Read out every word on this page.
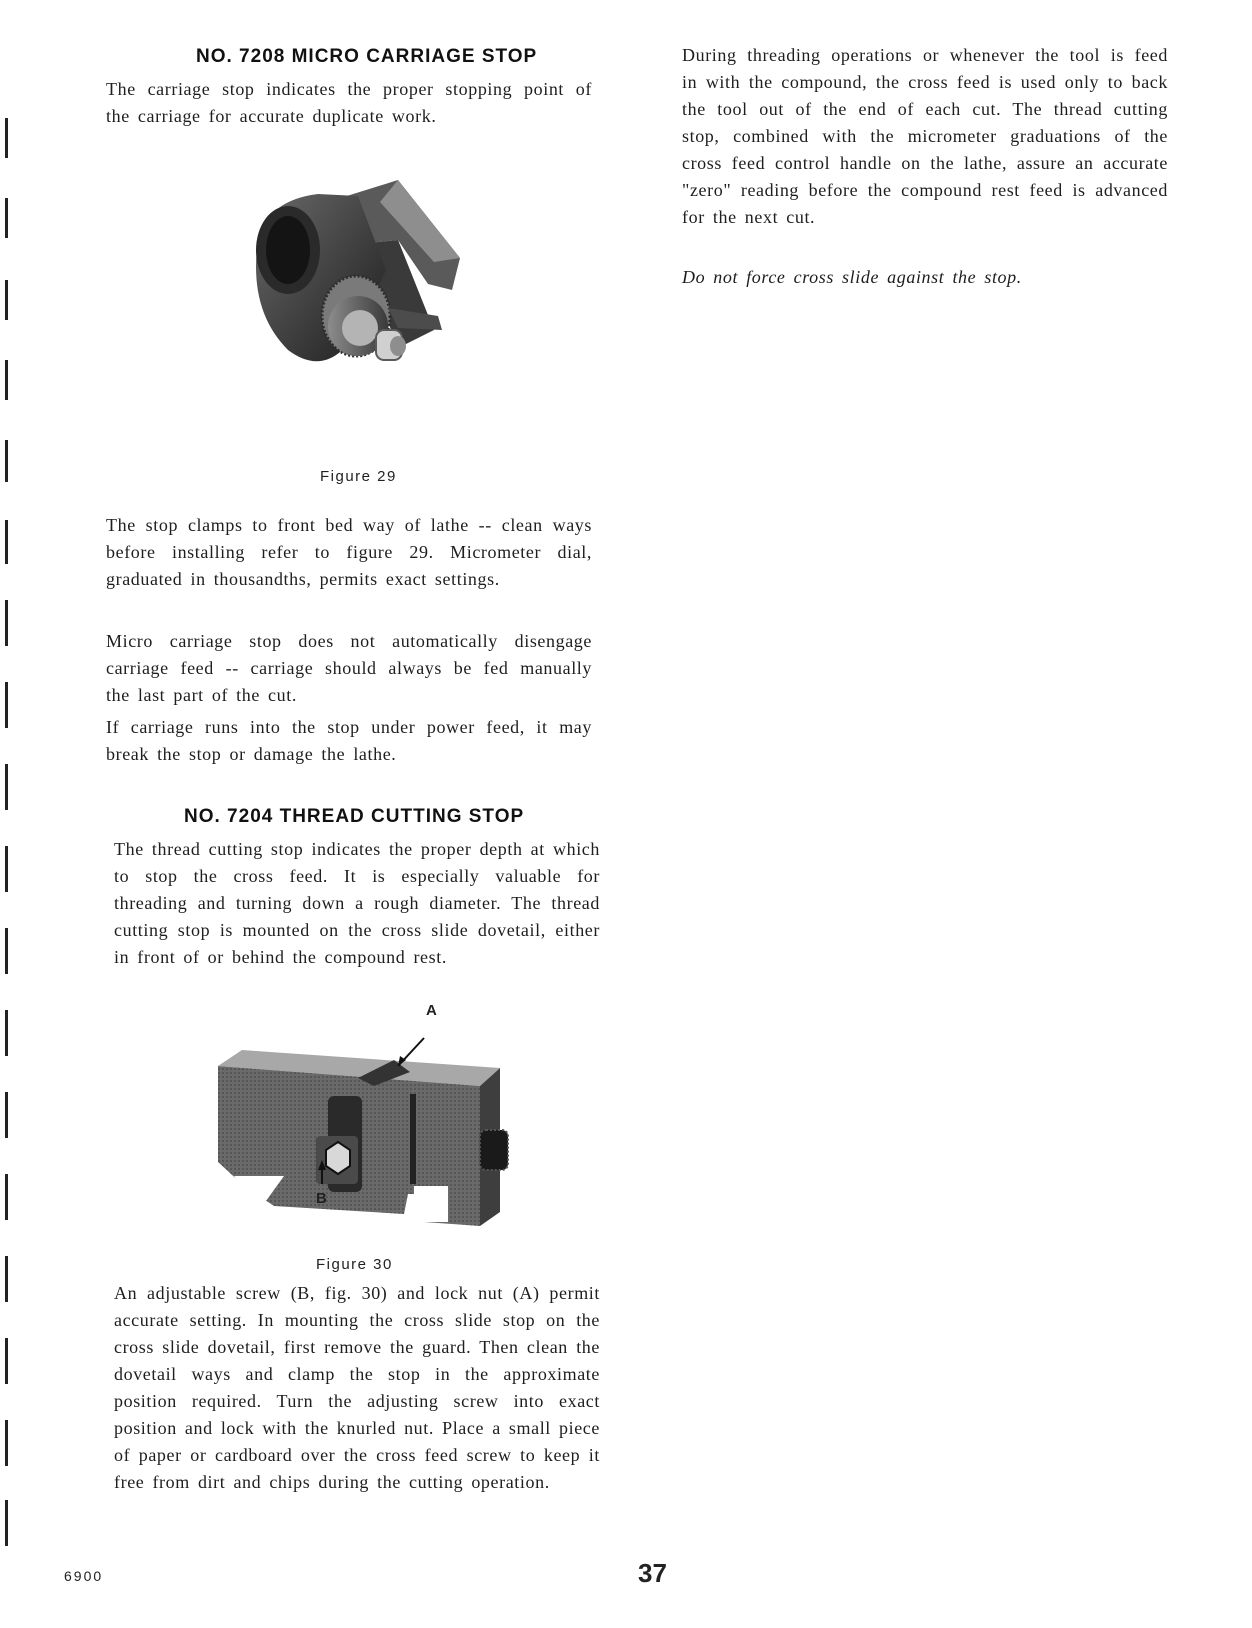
NO. 7208 MICRO CARRIAGE STOP

The carriage stop indicates the proper stopping point of the carriage for accurate duplicate work.

Figure 29

The stop clamps to front bed way of lathe -- clean ways before installing refer to figure 29. Micrometer dial, graduated in thousandths, permits exact settings.

Micro carriage stop does not automatically disengage carriage feed -- carriage should always be fed manually the last part of the cut.

If carriage runs into the stop under power feed, it may break the stop or damage the lathe.

NO. 7204 THREAD CUTTING STOP

The thread cutting stop indicates the proper depth at which to stop the cross feed. It is especially valuable for threading and turning down a rough diameter. The thread cutting stop is mounted on the cross slide dovetail, either in front of or behind the compound rest.

A
B

Figure 30

An adjustable screw (B, fig. 30) and lock nut (A) permit accurate setting. In mounting the cross slide stop on the cross slide dovetail, first remove the guard. Then clean the dovetail ways and clamp the stop in the approximate position required. Turn the adjusting screw into exact position and lock with the knurled nut. Place a small piece of paper or cardboard over the cross feed screw to keep it free from dirt and chips during the cutting operation.

During threading operations or whenever the tool is feed in with the compound, the cross feed is used only to back the tool out of the end of each cut. The thread cutting stop, combined with the micrometer graduations of the cross feed control handle on the lathe, assure an accurate "zero" reading before the compound rest feed is advanced for the next cut.

Do not force cross slide against the stop.

6900	37
